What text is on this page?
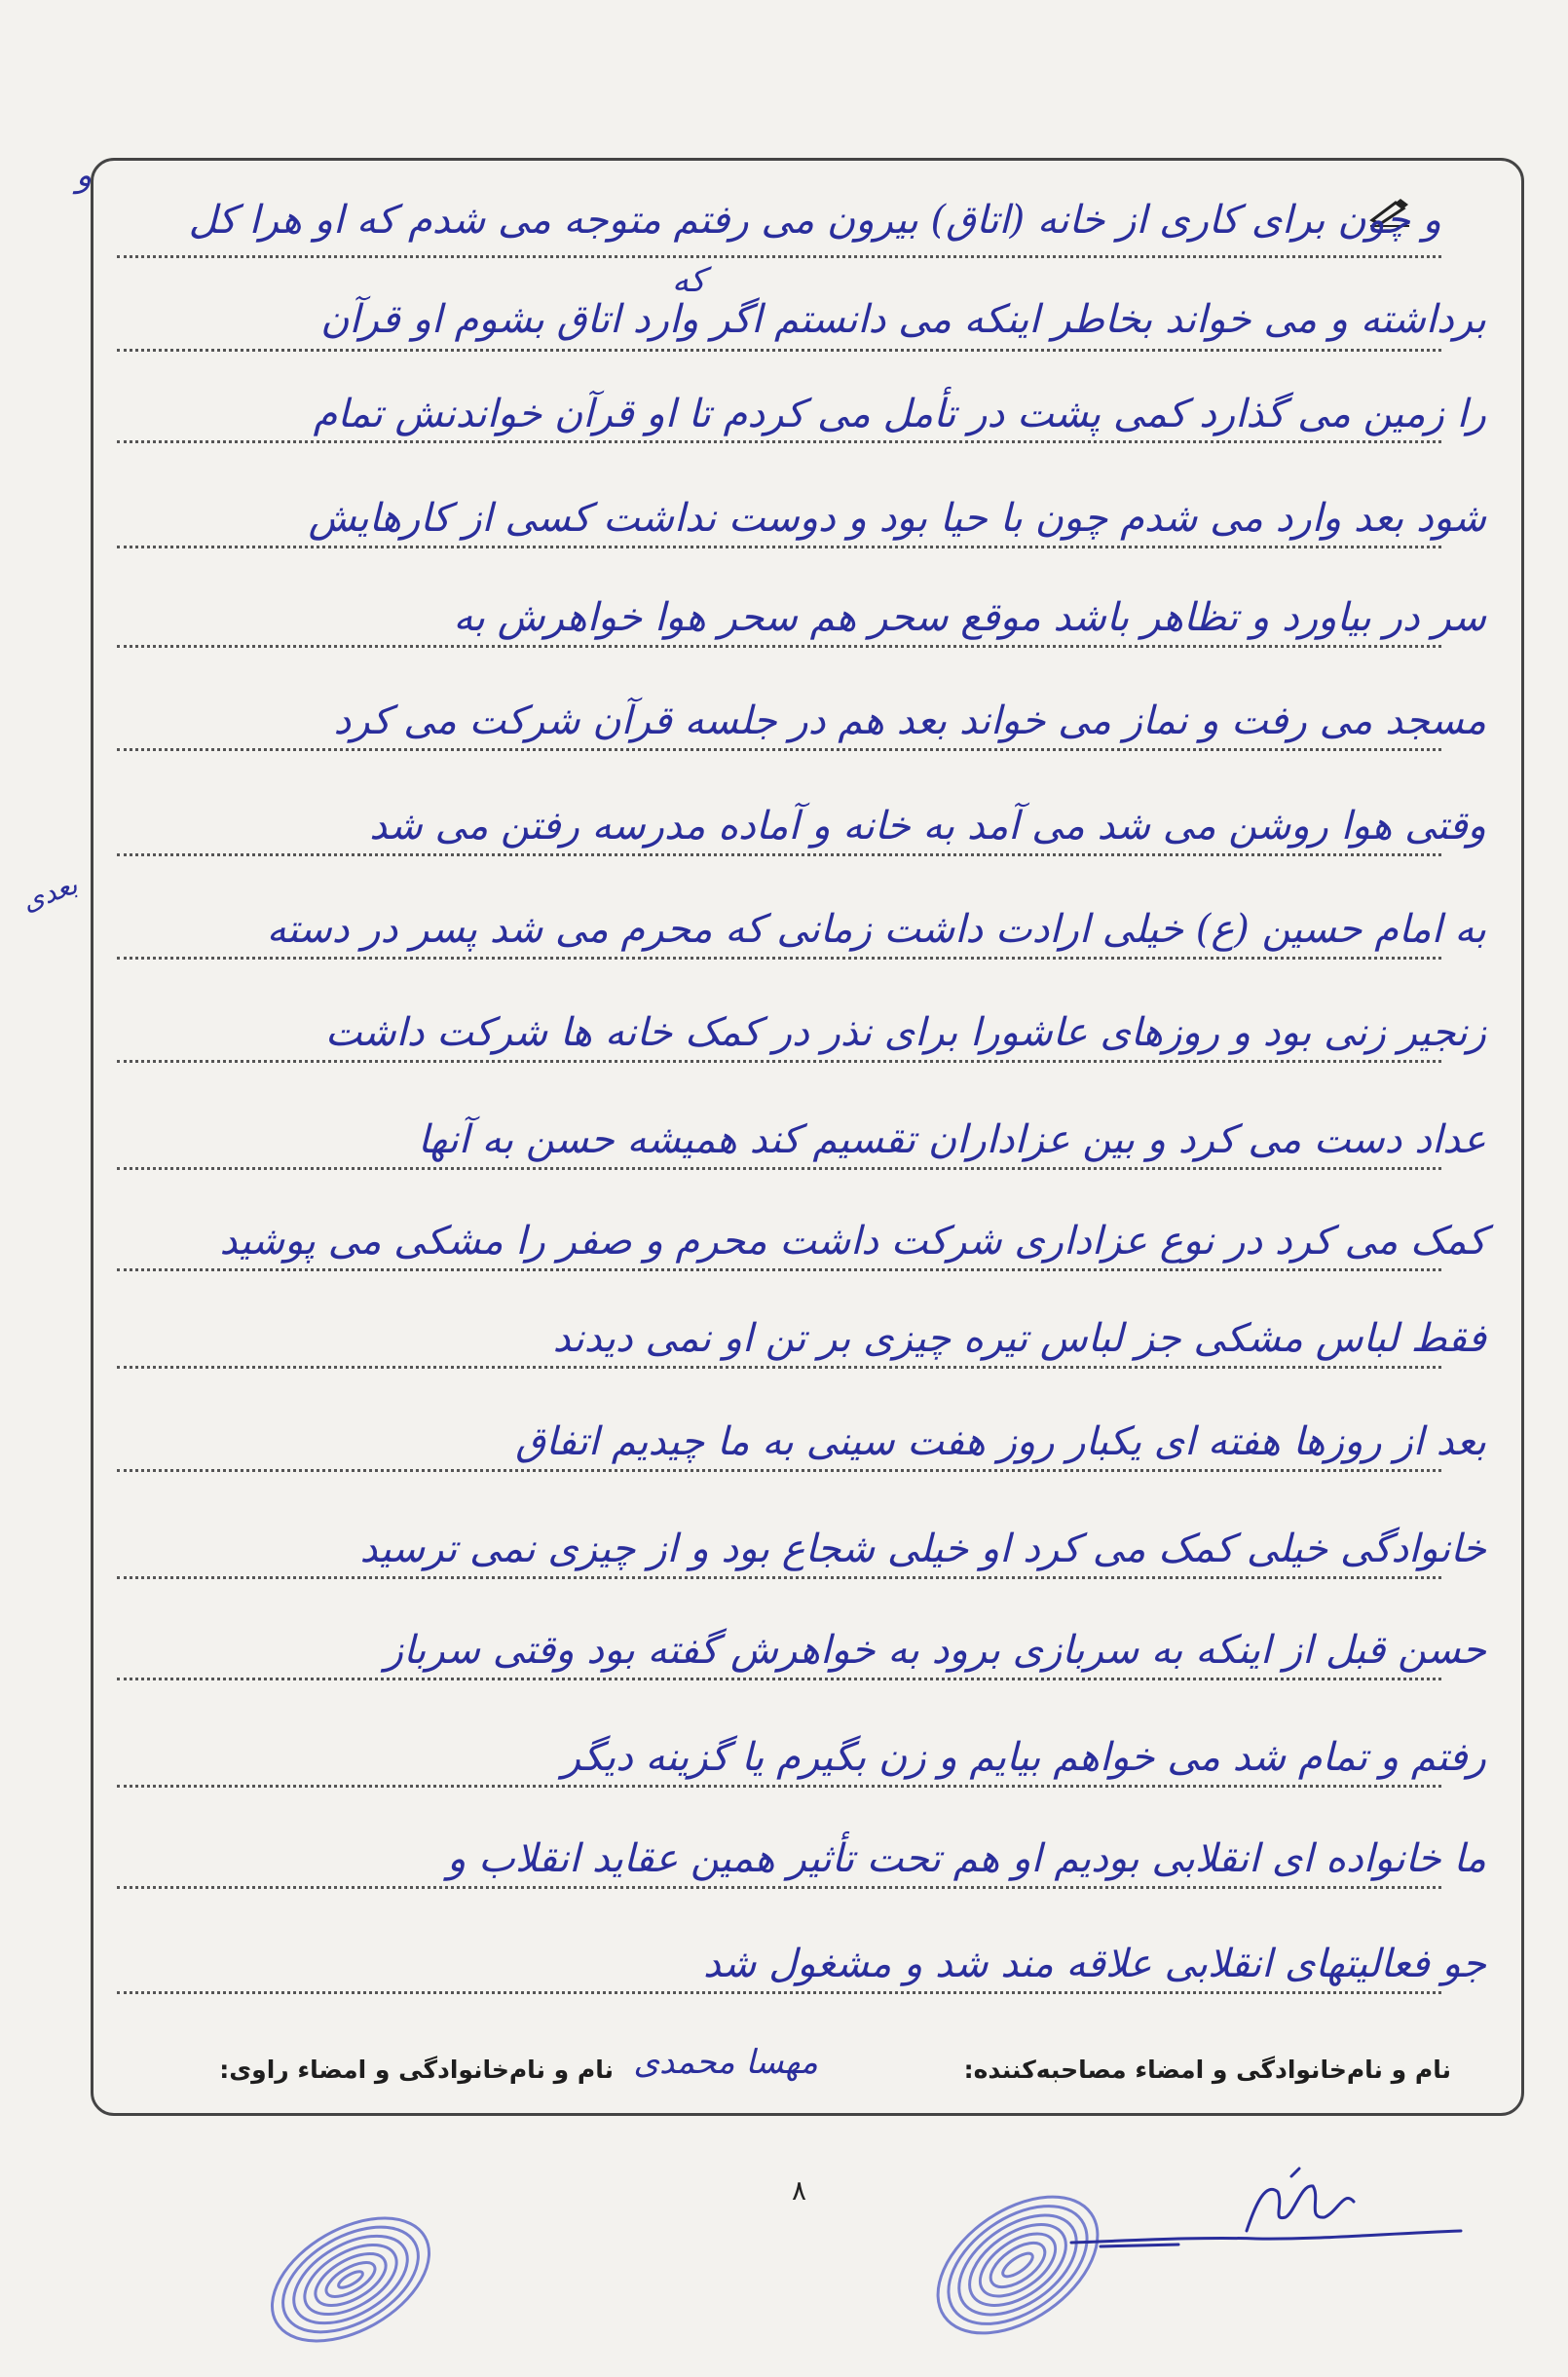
و چون برای کاری از خانه (اتاق) بیرون می رفتم متوجه می شدم که او هرا کل
برداشته و می خواند بخاطر اینکه می دانستم اگر وارد اتاق بشوم او قرآن
را زمین می گذارد کمی پشت در تأمل می کردم تا او قرآن خواندنش تمام
شود بعد وارد می شدم چون با حیا بود و دوست نداشت کسی از کارهایش
سر در بیاورد و تظاهر باشد موقع سحر هم سحر هوا خواهرش به
مسجد می رفت و نماز می خواند بعد هم در جلسه قرآن شرکت می کرد
وقتی هوا روشن می شد می آمد به خانه و آماده مدرسه رفتن می شد
به امام حسین (ع) خیلی ارادت داشت زمانی که محرم می شد پسر در دسته
زنجیر زنی بود و روزهای عاشورا برای نذر در کمک خانه ها شرکت داشت
عداد دست می کرد و بین عزاداران تقسیم کند همیشه حسن به آنها
کمک می کرد در نوع عزاداری شرکت داشت محرم و صفر را مشکی می پوشید
فقط لباس مشکی جز لباس تیره چیزی بر تن او نمی دیدند
بعد از روزها هفته ای یکبار روز هفت سینی به ما چیدیم اتفاق
خانوادگی خیلی کمک می کرد او خیلی شجاع بود و از چیزی نمی ترسید
حسن قبل از اینکه به سربازی برود به خواهرش گفته بود وقتی سرباز
رفتم و تمام شد می خواهم بیایم و زن بگیرم یا گزینه دیگر
ما خانواده ای انقلابی بودیم او هم تحت تأثیر همین عقاید انقلاب و
جو فعالیتهای انقلابی علاقه مند شد و مشغول شد
که
و
بعدی
نام و نام‌خانوادگی و امضاء مصاحبه‌کننده:
مهسا محمدی
نام و نام‌خانوادگی و امضاء راوی:
۸
